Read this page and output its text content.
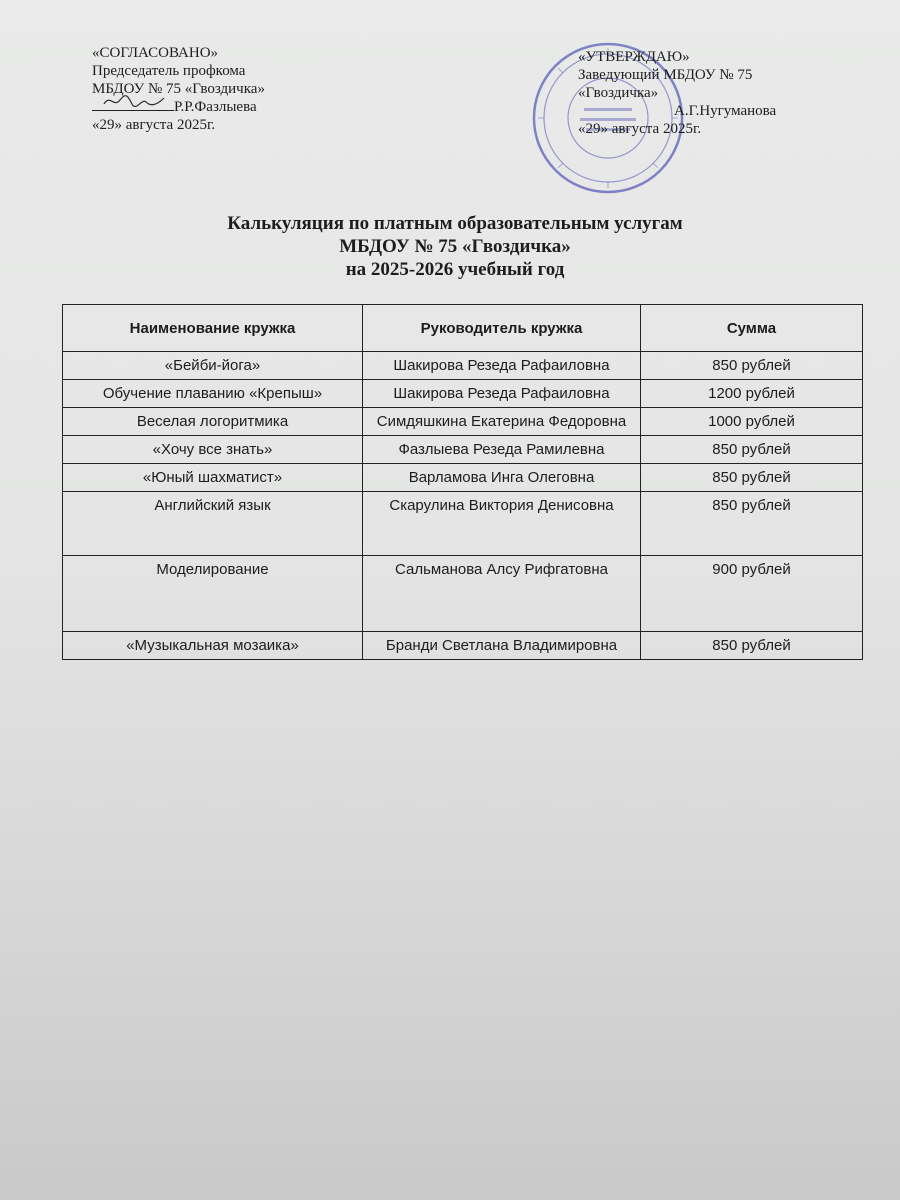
«СОГЛАСОВАНО»
Председатель профкома
МБДОУ № 75 «Гвоздичка»
Р.Р.Фазлыева
«29» августа 2025г.
«УТВЕРЖДАЮ»
Заведующий МБДОУ № 75
«Гвоздичка»
А.Г.Нугуманова
«29» августа 2025г.
Калькуляция по платным образовательным услугам
МБДОУ № 75 «Гвоздичка»
на 2025-2026 учебный год
Наименование кружка	Руководитель кружка	Сумма
«Бейби-йога»	Шакирова Резеда Рафаиловна	850 рублей
Обучение плаванию «Крепыш»	Шакирова Резеда Рафаиловна	1200 рублей
Веселая логоритмика	Симдяшкина Екатерина Федоровна	1000 рублей
«Хочу все знать»	Фазлыева Резеда Рамилевна	850 рублей
«Юный шахматист»	Варламова Инга Олеговна	850 рублей
Английский язык	Скарулина Виктория Денисовна	850 рублей
Моделирование	Сальманова Алсу Рифгатовна	900 рублей
«Музыкальная мозаика»	Бранди Светлана Владимировна	850 рублей
